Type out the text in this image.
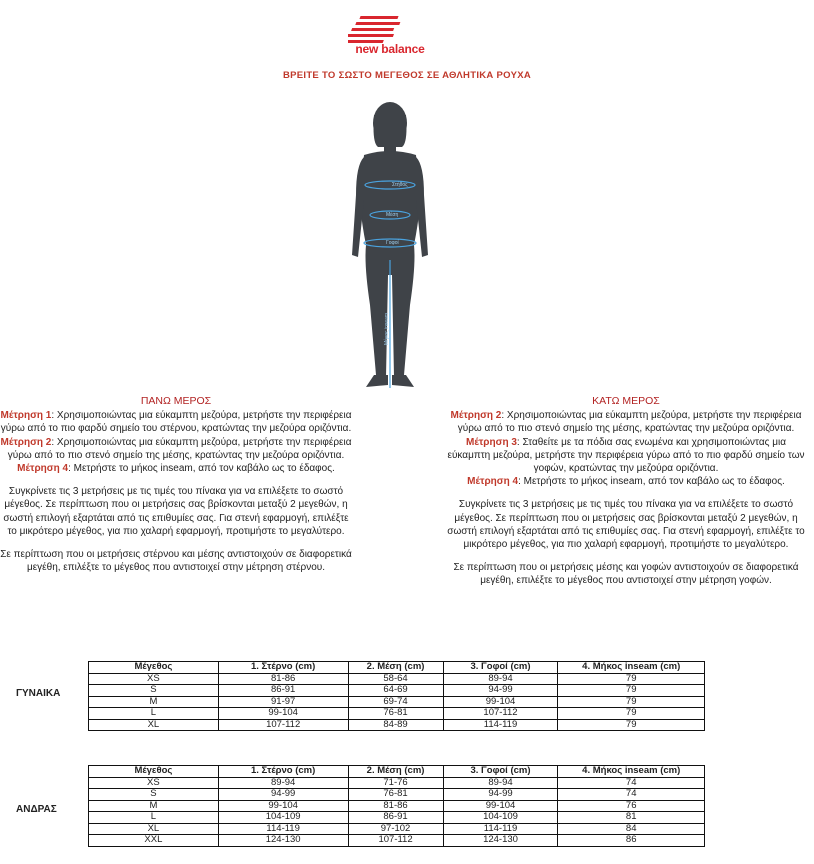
new balance
ΒΡΕΙΤΕ ΤΟ ΣΩΣΤΟ ΜΕΓΕΘΟΣ ΣΕ ΑΘΛΗΤΙΚΑ ΡΟΥΧΑ
Στήθος
Μέση
Γοφοί
Μήκος inseam
ΠΑΝΩ ΜΕΡΟΣ

Μέτρηση 1: Χρησιμοποιώντας μια εύκαμπτη μεζούρα, μετρήστε την περιφέρεια γύρω από το πιο φαρδύ σημείο του στέρνου, κρατώντας την μεζούρα οριζόντια.

Μέτρηση 2: Χρησιμοποιώντας μια εύκαμπτη μεζούρα, μετρήστε την περιφέρεια γύρω από το πιο στενό σημείο της μέσης, κρατώντας την μεζούρα οριζόντια.

Μέτρηση 4: Μετρήστε το μήκος inseam, από τον καβάλο ως το έδαφος.

Συγκρίνετε τις 3 μετρήσεις με τις τιμές του πίνακα για να επιλέξετε το σωστό μέγεθος. Σε περίπτωση που οι μετρήσεις σας βρίσκονται μεταξύ 2 μεγεθών, η σωστή επιλογή εξαρτάται από τις επιθυμίες σας. Για στενή εφαρμογή, επιλέξτε το μικρότερο μέγεθος, για πιο χαλαρή εφαρμογή, προτιμήστε το μεγαλύτερο.

Σε περίπτωση που οι μετρήσεις στέρνου και μέσης αντιστοιχούν σε διαφορετικά μεγέθη, επιλέξτε το μέγεθος που αντιστοιχεί στην μέτρηση στέρνου.

ΚΑΤΩ ΜΕΡΟΣ

Μέτρηση 2: Χρησιμοποιώντας μια εύκαμπτη μεζούρα, μετρήστε την περιφέρεια γύρω από το πιο στενό σημείο της μέσης, κρατώντας την μεζούρα οριζόντια.

Μέτρηση 3: Σταθείτε με τα πόδια σας ενωμένα και χρησιμοποιώντας μια εύκαμπτη μεζούρα, μετρήστε την περιφέρεια γύρω από το πιο φαρδύ σημείο των γοφών, κρατώντας την μεζούρα οριζόντια.

Μέτρηση 4: Μετρήστε το μήκος inseam, από τον καβάλο ως το έδαφος.

Συγκρίνετε τις 3 μετρήσεις με τις τιμές του πίνακα για να επιλέξετε το σωστό μέγεθος. Σε περίπτωση που οι μετρήσεις σας βρίσκονται μεταξύ 2 μεγεθών, η σωστή επιλογή εξαρτάται από τις επιθυμίες σας. Για στενή εφαρμογή, επιλέξτε το μικρότερο μέγεθος, για πιο χαλαρή εφαρμογή, προτιμήστε το μεγαλύτερο.

Σε περίπτωση που οι μετρήσεις μέσης και γοφών αντιστοιχούν σε διαφορετικά μεγέθη, επιλέξτε το μέγεθος που αντιστοιχεί στην μέτρηση γοφών.

ΓΥΝΑΙΚΑ
Μέγεθος	1. Στέρνο (cm)	2. Μέση (cm)	3. Γοφοί (cm)	4. Μήκος inseam (cm)
XS	81-86	58-64	89-94	79
S	86-91	64-69	94-99	79
M	91-97	69-74	99-104	79
L	99-104	76-81	107-112	79
XL	107-112	84-89	114-119	79
ΑΝΔΡΑΣ
Μέγεθος	1. Στέρνο (cm)	2. Μέση (cm)	3. Γοφοί (cm)	4. Μήκος inseam (cm)
XS	89-94	71-76	89-94	74
S	94-99	76-81	94-99	74
M	99-104	81-86	99-104	76
L	104-109	86-91	104-109	81
XL	114-119	97-102	114-119	84
XXL	124-130	107-112	124-130	86
